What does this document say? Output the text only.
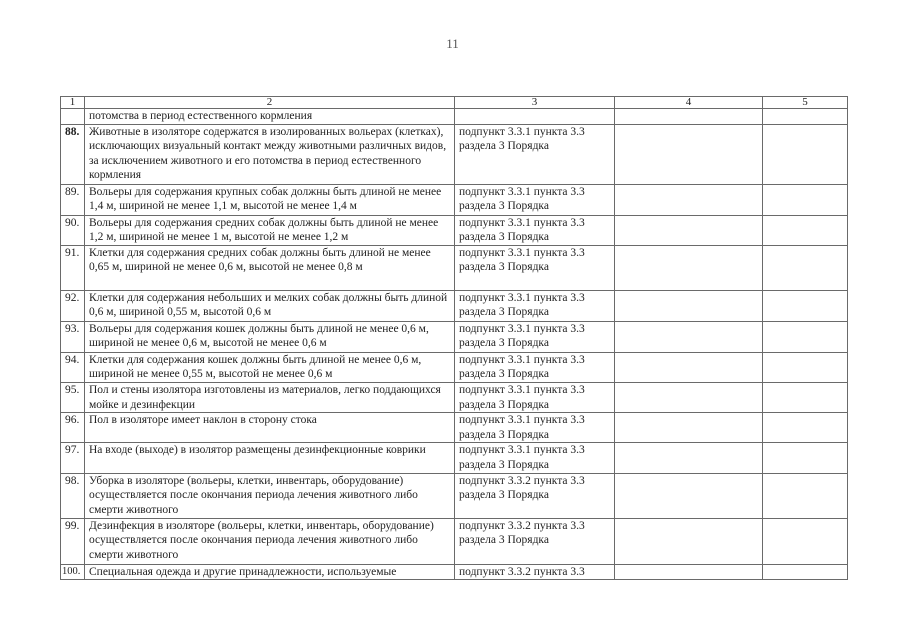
11
1	2	3	4	5
	потомства в период естественного кормления			
88.	Животные в изоляторе содержатся в изолированных вольерах (клетках), исключающих визуальный контакт между животными различных видов, за исключением животного и его потомства в период естественного кормления	подпункт 3.3.1 пункта 3.3 раздела 3 Порядка		
89.	Вольеры для содержания крупных собак должны быть длиной не менее 1,4 м, шириной не менее 1,1 м, высотой не менее 1,4 м	подпункт 3.3.1 пункта 3.3 раздела 3 Порядка		
90.	Вольеры для содержания средних собак должны быть длиной не менее 1,2 м, шириной не менее 1 м, высотой не менее 1,2 м	подпункт 3.3.1 пункта 3.3 раздела 3 Порядка		
91.	Клетки для содержания средних собак должны быть длиной не менее 0,65 м, шириной не менее 0,6 м, высотой не менее 0,8 м	подпункт 3.3.1 пункта 3.3 раздела 3 Порядка		
92.	Клетки для содержания небольших и мелких собак должны быть длиной 0,6 м, шириной 0,55 м, высотой 0,6 м	подпункт 3.3.1 пункта 3.3 раздела 3 Порядка		
93.	Вольеры для содержания кошек должны быть длиной не менее 0,6 м, шириной не менее 0,6 м, высотой не менее 0,6 м	подпункт 3.3.1 пункта 3.3 раздела 3 Порядка		
94.	Клетки для содержания кошек должны быть длиной не менее 0,6 м, шириной не менее 0,55 м, высотой не менее 0,6 м	подпункт 3.3.1 пункта 3.3 раздела 3 Порядка		
95.	Пол и стены изолятора изготовлены из материалов, легко поддающихся мойке и дезинфекции	подпункт 3.3.1 пункта 3.3 раздела 3 Порядка		
96.	Пол в изоляторе имеет наклон в сторону стока	подпункт 3.3.1 пункта 3.3 раздела 3 Порядка		
97.	На входе (выходе) в изолятор размещены дезинфекционные коврики	подпункт 3.3.1 пункта 3.3 раздела 3 Порядка		
98.	Уборка в изоляторе (вольеры, клетки, инвентарь, оборудование) осуществляется после окончания периода лечения животного либо смерти животного	подпункт 3.3.2 пункта 3.3 раздела 3 Порядка		
99.	Дезинфекция в изоляторе (вольеры, клетки, инвентарь, оборудование) осуществляется после окончания периода лечения животного либо смерти животного	подпункт 3.3.2 пункта 3.3 раздела 3 Порядка		
100.	Специальная одежда и другие принадлежности, используемые	подпункт 3.3.2 пункта 3.3		
